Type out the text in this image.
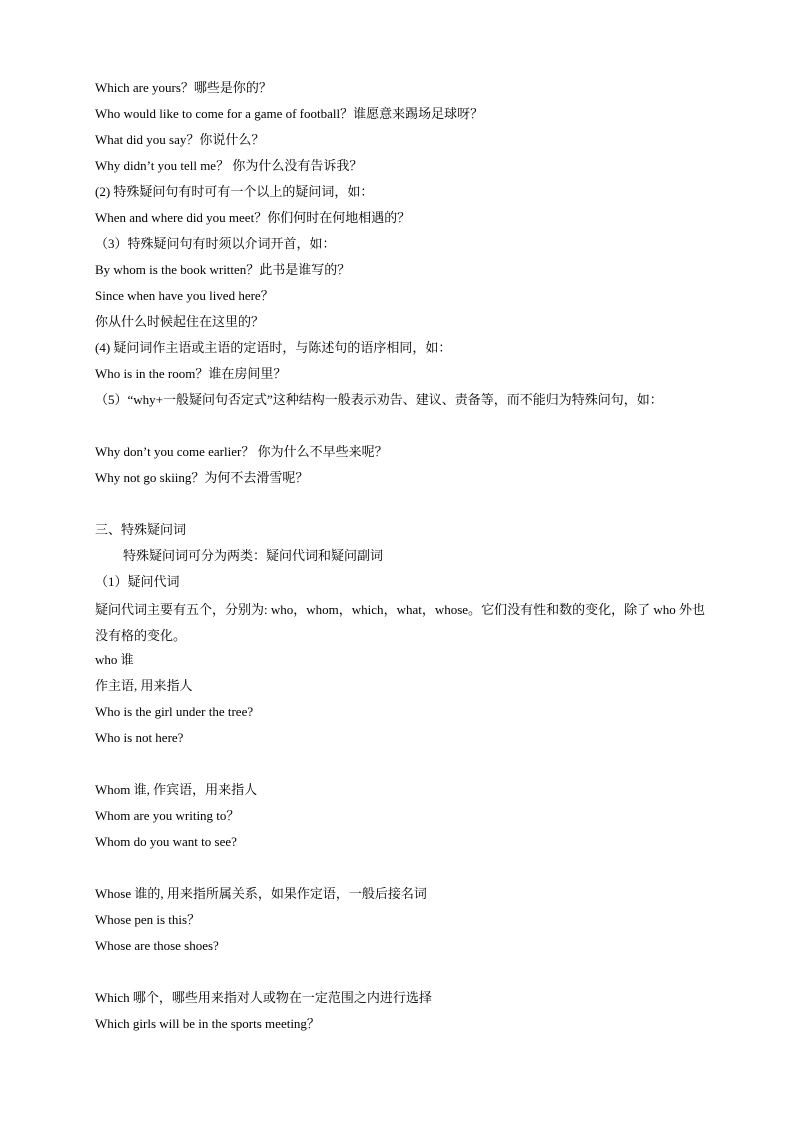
Which are yours？哪些是你的？
Who would like to come for a game of football？谁愿意来踢场足球呀？
What did you say？你说什么？
Why didn’t you tell me？ 你为什么没有告诉我？
(2) 特殊疑问句有时可有一个以上的疑问词，如：
When and where did you meet？你们何时在何地相遇的？
（3）特殊疑问句有时须以介词开首，如：
By whom is the book written？此书是谁写的？
Since when have you lived here？
你从什么时候起住在这里的？
(4) 疑问词作主语或主语的定语时，与陈述句的语序相同，如：
Who is in the room？谁在房间里？
（5）“why+一般疑问句否定式”这种结构一般表示劝告、建议、责备等，而不能归为特殊问句，如：
Why don’t you come earlier？ 你为什么不早些来呢？
Why not go skiing？为何不去滑雪呢？
三、特殊疑问词
特殊疑问词可分为两类：疑问代词和疑问副词
（1）疑问代词
疑问代词主要有五个，分别为: who，whom，which，what，whose。它们没有性和数的变化，除了 who 外也没有格的变化。
who 谁
作主语, 用来指人
Who is the girl under the tree?
Who is not here?
Whom 谁, 作宾语，用来指人
Whom are you writing to？
Whom do you want to see?
Whose 谁的, 用来指所属关系，如果作定语，一般后接名词
Whose pen is this？
Whose are those shoes?
Which 哪个，哪些用来指对人或物在一定范围之内进行选择
Which girls will be in the sports meeting？
